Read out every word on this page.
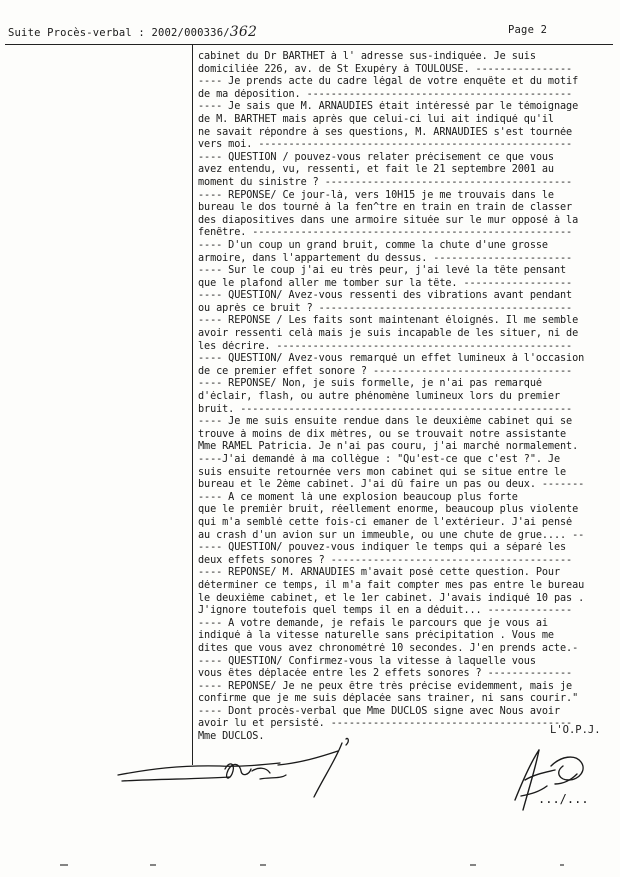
Suite Procès-verbal : 2002/000336/362	Page 2
cabinet du Dr BARTHET à l' adresse sus-indiquée. Je suis
domiciliée 226, av. de St Exupéry à TOULOUSE. ----------------
---- Je prends acte du cadre légal de votre enquête et du motif
de ma déposition. --------------------------------------------
---- Je sais que M. ARNAUDIES était intéressé par le témoignage
de M. BARTHET mais après que celui-ci lui ait indiqué qu'il
ne savait répondre à ses questions, M. ARNAUDIES s'est tournée
vers moi. ----------------------------------------------------
---- QUESTION / pouvez-vous relater précisement ce que vous
avez entendu, vu, ressenti, et fait le 21 septembre 2001 au
moment du sinistre ? -----------------------------------------
---- REPONSE/ Ce jour-là, vers 10H15 je me trouvais dans le
bureau le dos tourné à la fen^tre en train en train de classer
des diapositives dans une armoire située sur le mur opposé à la
fenêtre. -----------------------------------------------------
---- D'un coup un grand bruit, comme la chute d'une grosse
armoire, dans l'appartement du dessus. -----------------------
---- Sur le coup j'ai eu très peur, j'ai levé la tête pensant
que le plafond aller me tomber sur la tête. ------------------
---- QUESTION/ Avez-vous ressenti des vibrations avant pendant
ou après ce bruit ? ------------------------------------------
---- REPONSE / Les faits sont maintenant éloignés. Il me semble
avoir ressenti celà mais je suis incapable de les situer, ni de
les décrire. -------------------------------------------------
---- QUESTION/ Avez-vous remarqué un effet lumineux à l'occasion
de ce premier effet sonore ? ---------------------------------
---- REPONSE/ Non, je suis formelle, je n'ai pas remarqué
d'éclair, flash, ou autre phénomène lumineux lors du premier
bruit. -------------------------------------------------------
---- Je me suis ensuite rendue dans le deuxième cabinet qui se
trouve à moins de dix mètres, ou se trouvait notre assistante
Mme RAMEL Patricia. Je n'ai pas couru, j'ai marché normalement.
----J'ai demandé à ma collègue : "Qu'est-ce que c'est ?". Je
suis ensuite retournée vers mon cabinet qui se situe entre le
bureau et le 2ème cabinet. J'ai dû faire un pas ou deux. -------
---- A ce moment là une explosion beaucoup plus forte
que le premièr bruit, réellement enorme, beaucoup plus violente
qui m'a semblé cette fois-ci emaner de l'extérieur. J'ai pensé
au crash d'un avion sur un immeuble, ou une chute de grue.... --
---- QUESTION/ pouvez-vous indiquer le temps qui a séparé les
deux effets sonores ? ----------------------------------------
---- REPONSE/ M. ARNAUDIES m'avait posé cette question. Pour
déterminer ce temps, il m'a fait compter mes pas entre le bureau
le deuxième cabinet, et le 1er cabinet. J'avais indiqué 10 pas .
J'ignore toutefois quel temps il en a déduit... --------------
---- A votre demande, je refais le parcours que je vous ai
indiqué à la vitesse naturelle sans précipitation . Vous me
dites que vous avez chronométré 10 secondes. J'en prends acte.-
---- QUESTION/ Confirmez-vous la vitesse à laquelle vous
vous êtes déplacée entre les 2 effets sonores ? --------------
---- REPONSE/ Je ne peux être très précise evidemment, mais je
confirme que je me suis déplacée sans trainer, ni sans courir."
---- Dont procès-verbal que Mme DUCLOS signe avec Nous avoir
avoir lu et persisté. ----------------------------------------
Mme DUCLOS.
L'O.P.J.
.../...
